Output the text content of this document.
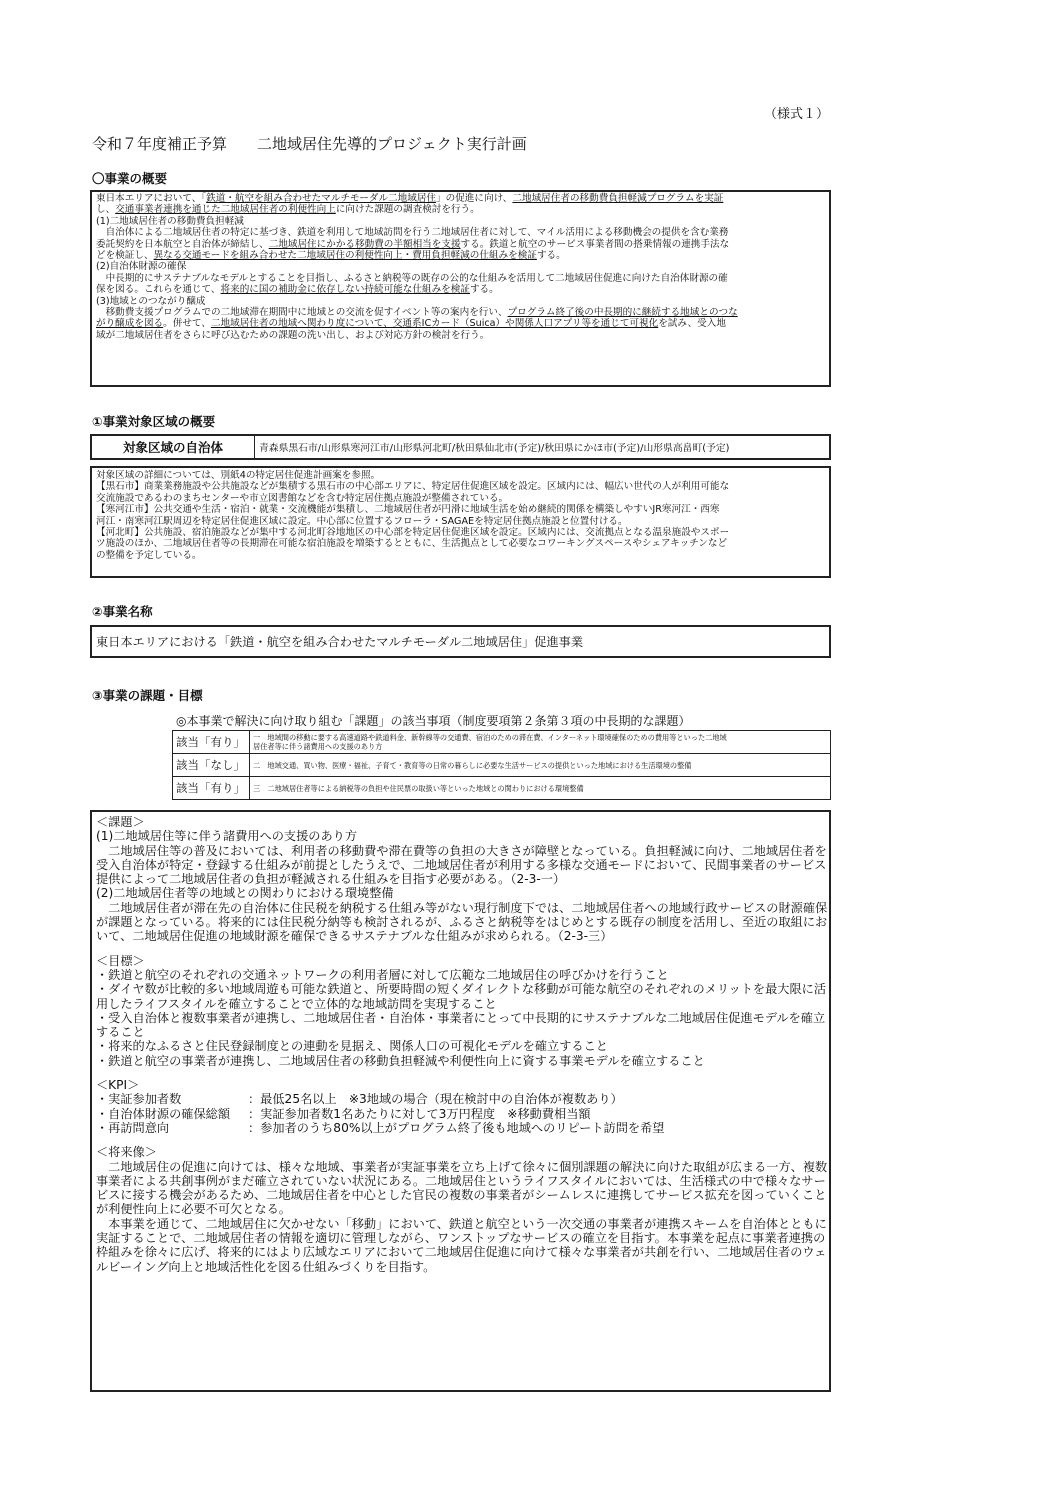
（様式１）
令和７年度補正予算　　二地域居住先導的プロジェクト実行計画
〇事業の概要

東日本エリアにおいて、「鉄道・航空を組み合わせたマルチモーダル二地域居住」の促進に向け、二地域居住者の移動費負担軽減プログラムを実証

し、交通事業者連携を通じた二地域居住者の利便性向上に向けた課題の調査検討を行う。

(1)二地域居住者の移動費負担軽減

　自治体による二地域居住者の特定に基づき、鉄道を利用して地域訪問を行う二地域居住者に対して、マイル活用による移動機会の提供を含む業務

委託契約を日本航空と自治体が締結し、二地域居住にかかる移動費の半額相当を支援する。鉄道と航空のサービス事業者間の搭乗情報の連携手法な

どを検証し、異なる交通モードを組み合わせた二地域居住の利便性向上・費用負担軽減の仕組みを検証する。

(2)自治体財源の確保

　中長期的にサステナブルなモデルとすることを目指し、ふるさと納税等の既存の公的な仕組みを活用して二地域居住促進に向けた自治体財源の確

保を図る。これらを通じて、将来的に国の補助金に依存しない持続可能な仕組みを検証する。

(3)地域とのつながり醸成

　移動費支援プログラムでの二地域滞在期間中に地域との交流を促すイベント等の案内を行い、プログラム終了後の中長期的に継続する地域とのつな

がり醸成を図る。併せて、二地域居住者の地域へ関わり度について、交通系ICカード（Suica）や関係人口アプリ等を通じて可視化を試み、受入地

域が二地域居住者をさらに呼び込むための課題の洗い出し、および対応方針の検討を行う。

①事業対象区域の概要
対象区域の自治体	青森県黒石市/山形県寒河江市/山形県河北町/秋田県仙北市(予定)/秋田県にかほ市(予定)/山形県高畠町(予定)

対象区域の詳細については、別紙4の特定居住促進計画案を参照。

【黒石市】商業業務施設や公共施設などが集積する黒石市の中心部エリアに、特定居住促進区域を設定。区域内には、幅広い世代の人が利用可能な

交流施設であるわのまちセンターや市立図書館などを含む特定居住拠点施設が整備されている。

【寒河江市】公共交通や生活・宿泊・就業・交流機能が集積し、二地域居住者が円滑に地域生活を始め継続的関係を構築しやすいJR寒河江・西寒

河江・南寒河江駅周辺を特定居住促進区域に設定。中心部に位置するフローラ・SAGAEを特定居住拠点施設と位置付ける。

【河北町】公共施設、宿泊施設などが集中する河北町谷地地区の中心部を特定居住促進区域を設定。区域内には、交流拠点となる温泉施設やスポー

ツ施設のほか、二地域居住者等の長期滞在可能な宿泊施設を増築するとともに、生活拠点として必要なコワーキングスペースやシェアキッチンなど

の整備を予定している。

②事業名称
東日本エリアにおける「鉄道・航空を組み合わせたマルチモーダル二地域居住」促進事業
③事業の課題・目標
◎本事業で解決に向け取り組む「課題」の該当事項（制度要項第２条第３項の中長期的な課題）
該当「有り」	一　地域間の移動に要する高速道路や鉄道料金、新幹線等の交通費、宿泊のための滞在費、インターネット環境確保のための費用等といった二地域
居住者等に伴う諸費用への支援のあり方

該当「なし」	二　地域交通、買い物、医療・福祉、子育て・教育等の日常の暮らしに必要な生活サービスの提供といった地域における生活環境の整備
該当「有り」	三　二地域居住者等による納税等の負担や住民票の取扱い等といった地域との関わりにおける環境整備

＜課題＞

(1)二地域居住等に伴う諸費用への支援のあり方

　二地域居住等の普及においては、利用者の移動費や滞在費等の負担の大きさが障壁となっている。負担軽減に向け、二地域居住者を

受入自治体が特定・登録する仕組みが前提としたうえで、二地域居住者が利用する多様な交通モードにおいて、民間事業者のサービス

提供によって二地域居住者の負担が軽減される仕組みを目指す必要がある。（2-3-一）

(2)二地域居住者等の地域との関わりにおける環境整備

　二地域居住者が滞在先の自治体に住民税を納税する仕組み等がない現行制度下では、二地域居住者への地域行政サービスの財源確保

が課題となっている。将来的には住民税分納等も検討されるが、ふるさと納税等をはじめとする既存の制度を活用し、至近の取組にお

いて、二地域居住促進の地域財源を確保できるサステナブルな仕組みが求められる。（2-3-三）

＜目標＞

・鉄道と航空のそれぞれの交通ネットワークの利用者層に対して広範な二地域居住の呼びかけを行うこと

・ダイヤ数が比較的多い地域周遊も可能な鉄道と、所要時間の短くダイレクトな移動が可能な航空のそれぞれのメリットを最大限に活

用したライフスタイルを確立することで立体的な地域訪問を実現すること

・受入自治体と複数事業者が連携し、二地域居住者・自治体・事業者にとって中長期的にサステナブルな二地域居住促進モデルを確立

すること

・将来的なふるさと住民登録制度との連動を見据え、関係人口の可視化モデルを確立すること

・鉄道と航空の事業者が連携し、二地域居住者の移動負担軽減や利便性向上に資する事業モデルを確立すること

＜KPI＞

・実証参加者数	：最低25名以上　※3地域の場合（現在検討中の自治体が複数あり）
・自治体財源の確保総額	：実証参加者数1名あたりに対して3万円程度　※移動費相当額
・再訪問意向	：参加者のうち80%以上がプログラム終了後も地域へのリピート訪問を希望

＜将来像＞

　二地域居住の促進に向けては、様々な地域、事業者が実証事業を立ち上げて徐々に個別課題の解決に向けた取組が広まる一方、複数

事業者による共創事例がまだ確立されていない状況にある。二地域居住というライフスタイルにおいては、生活様式の中で様々なサー

ビスに接する機会があるため、二地域居住者を中心とした官民の複数の事業者がシームレスに連携してサービス拡充を図っていくこと

が利便性向上に必要不可欠となる。

　本事業を通じて、二地域居住に欠かせない「移動」において、鉄道と航空という一次交通の事業者が連携スキームを自治体とともに

実証することで、二地域居住者の情報を適切に管理しながら、ワンストップなサービスの確立を目指す。本事業を起点に事業者連携の

枠組みを徐々に広げ、将来的にはより広域なエリアにおいて二地域居住促進に向けて様々な事業者が共創を行い、二地域居住者のウェ

ルビーイング向上と地域活性化を図る仕組みづくりを目指す。
